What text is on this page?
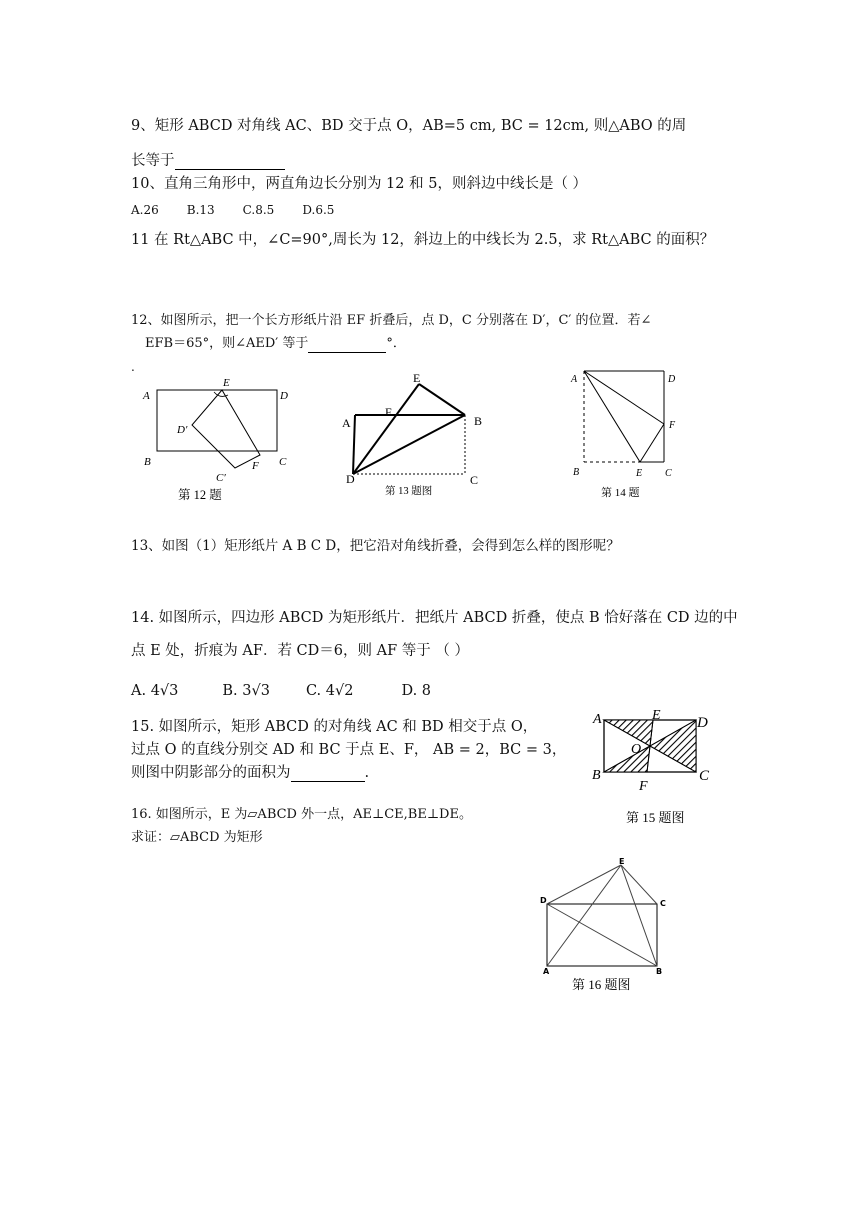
9、矩形 ABCD 对角线 AC、BD 交于点 O，AB=5 cm, BC = 12cm, 则△ABO 的周
长等于
10、直角三角形中，两直角边长分别为 12 和 5，则斜边中线长是（ ）
A.26 B.13 C.8.5 D.6.5
11 在 Rt△ABC 中，∠C=90°,周长为 12，斜边上的中线长为 2.5，求 Rt△ABC 的面积？
12、如图所示，把一个长方形纸片沿 EF 折叠后，点 D，C 分别落在 D′，C′ 的位置．若∠
EFB＝65°，则∠AED′ 等于	°．
.
A
E
D
D′
B
C′
F C
第 12 题
E
F
A	B
D	C
第 13 题图
A	D
F
B	E C
第 14 题
13、如图（1）矩形纸片 A B C D，把它沿对角线折叠，会得到怎么样的图形呢？
14. 如图所示，四边形 ABCD 为矩形纸片．把纸片 ABCD 折叠，使点 B 恰好落在 CD 边的中
点 E 处，折痕为 AF．若 CD＝6，则 AF 等于 （ ）
A. 4√3	B. 3√3 C. 4√2	D. 8
15. 如图所示，矩形 ABCD 的对角线 AC 和 BD 相交于点 O，
过点 O 的直线分别交 AD 和 BC 于点 E、F， AB = 2，BC = 3，
则图中阴影部分的面积为	.
A	E D
O
B
F
C
第 15 题图
16. 如图所示，E 为▱ABCD 外一点，AE⊥CE,BE⊥DE。
求证：▱ABCD 为矩形
E
D	C
A	B
第 16 题图
